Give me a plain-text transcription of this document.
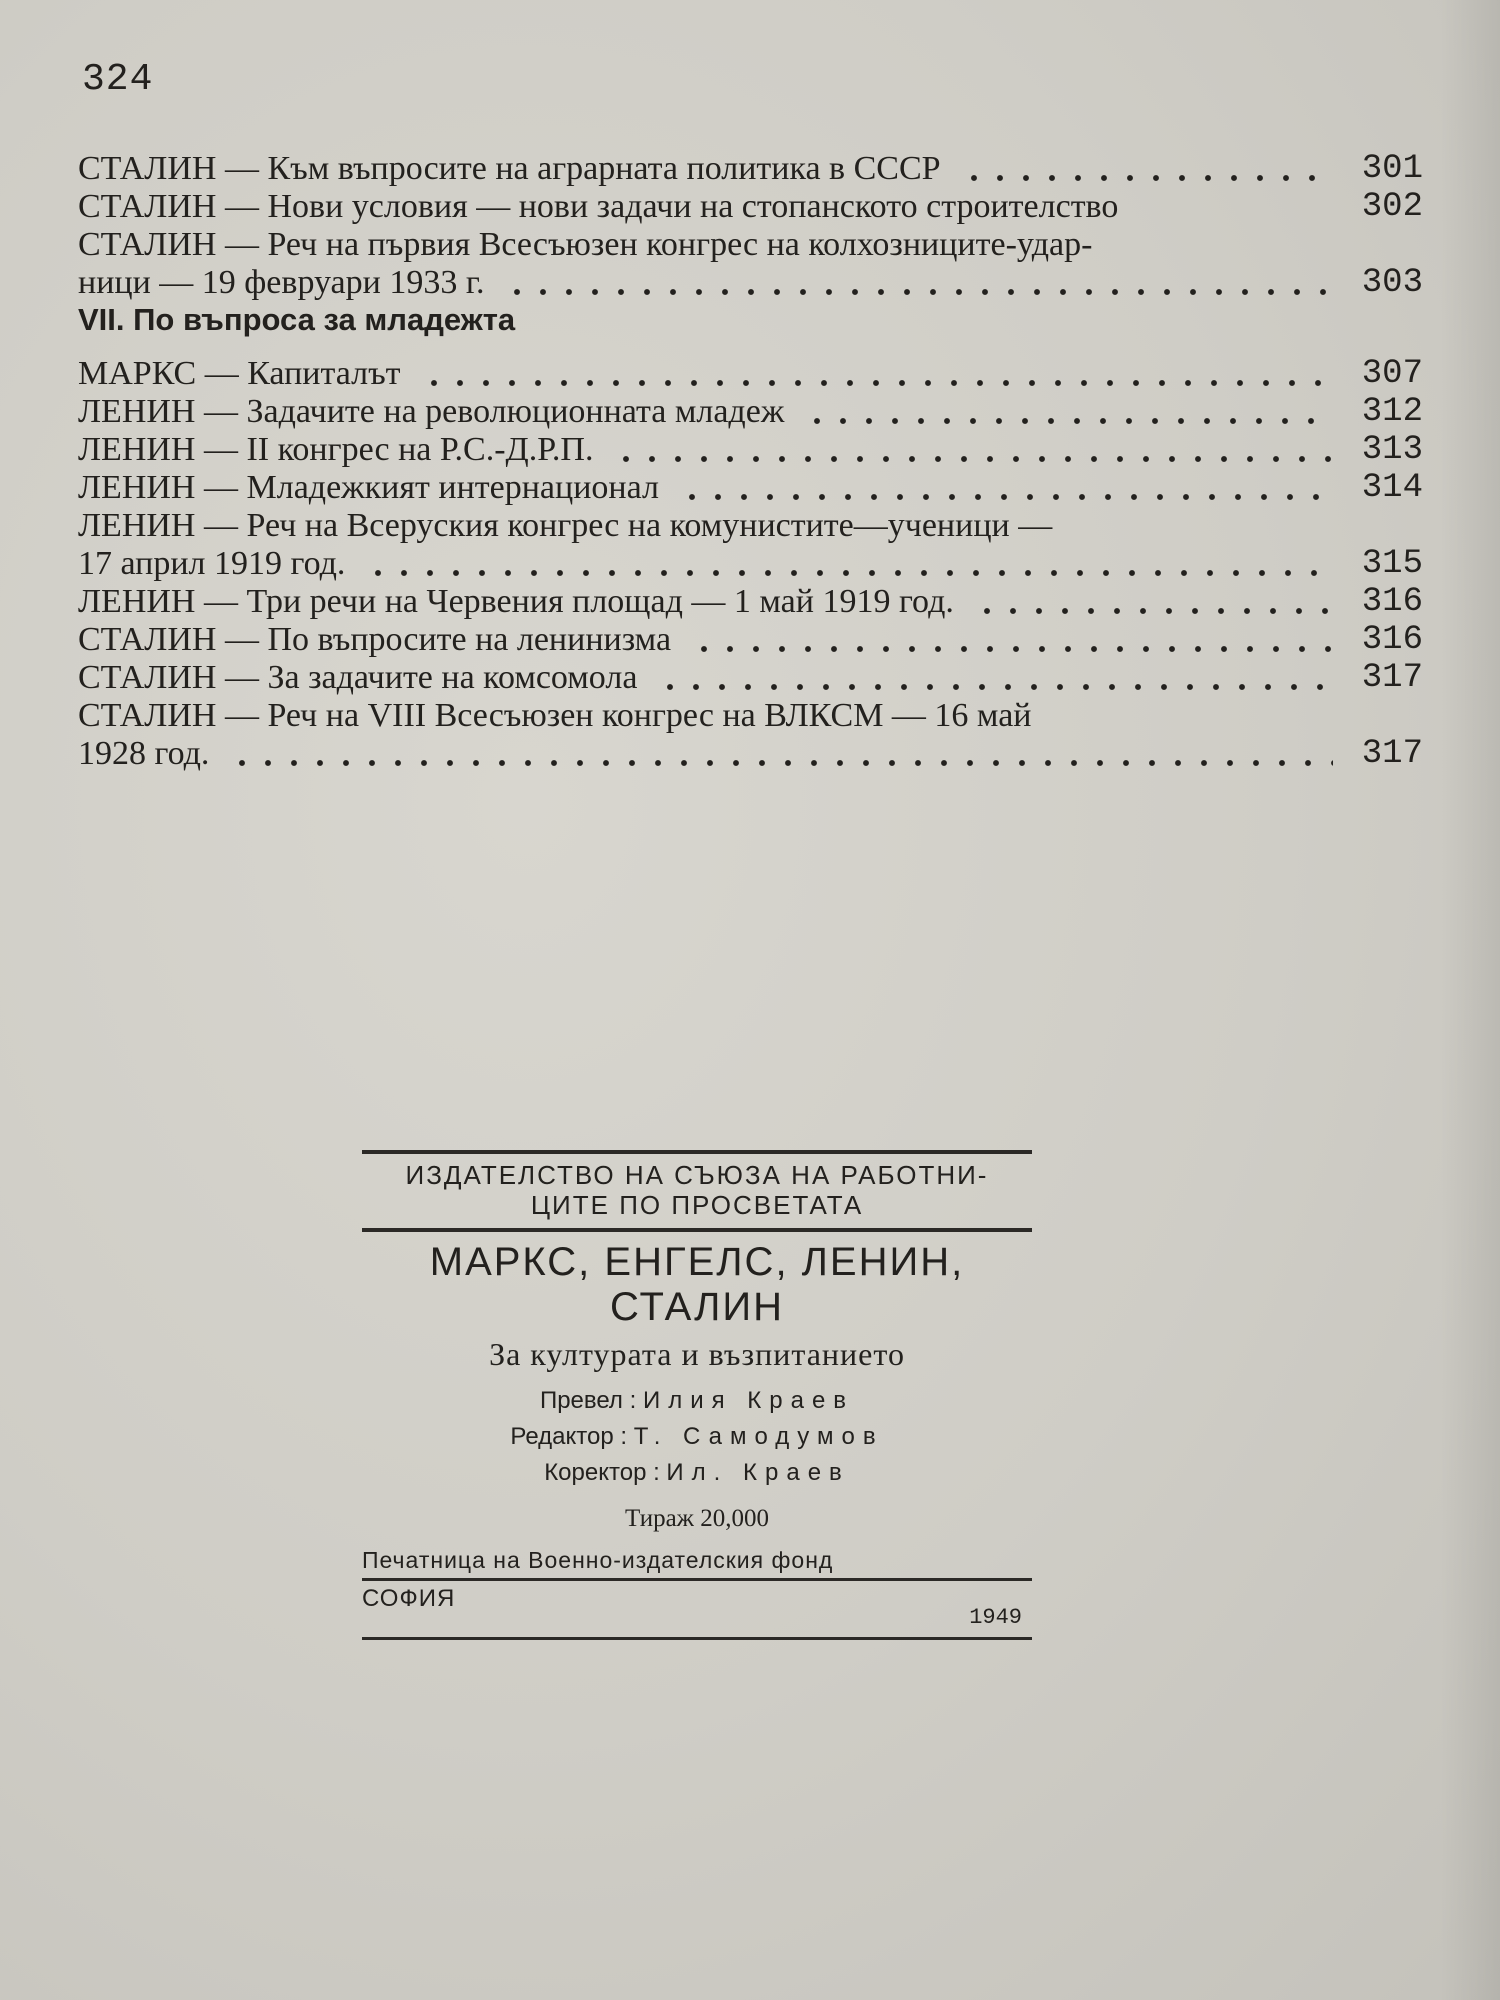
324
СТАЛИН — Към въпросите на аграрната политика в СССР	301
СТАЛИН — Нови условия — нови задачи на стопанското строителство	302
СТАЛИН — Реч на първия Всесъюзен конгрес на колхозниците-удар-
ници — 19 февруари 1933 г.	303
VII. По въпроса за младежта
МАРКС — Капиталът	307
ЛЕНИН — Задачите на революционната младеж	312
ЛЕНИН — II конгрес на Р.С.-Д.Р.П.	313
ЛЕНИН — Младежкият интернационал	314
ЛЕНИН — Реч на Всеруския конгрес на комунистите—ученици —
17 април 1919 год.	315
ЛЕНИН — Три речи на Червения площад — 1 май 1919 год.	316
СТАЛИН — По въпросите на ленинизма	316
СТАЛИН — За задачите на комсомола	317
СТАЛИН — Реч на VIII Всесъюзен конгрес на ВЛКСМ — 16 май
1928 год.	317
ИЗДАТЕЛСТВО НА СЪЮЗА НА РАБОТНИ-
ЦИТЕ ПО ПРОСВЕТАТА
МАРКС, ЕНГЕЛС, ЛЕНИН, СТАЛИН
За културата и възпитанието
Превел : Илия Краев
Редактор : Т. Самодумов
Коректор : Ил. Краев
Тираж 20,000
Печатница на Военно-издателския фонд
СОФИЯ
1949
